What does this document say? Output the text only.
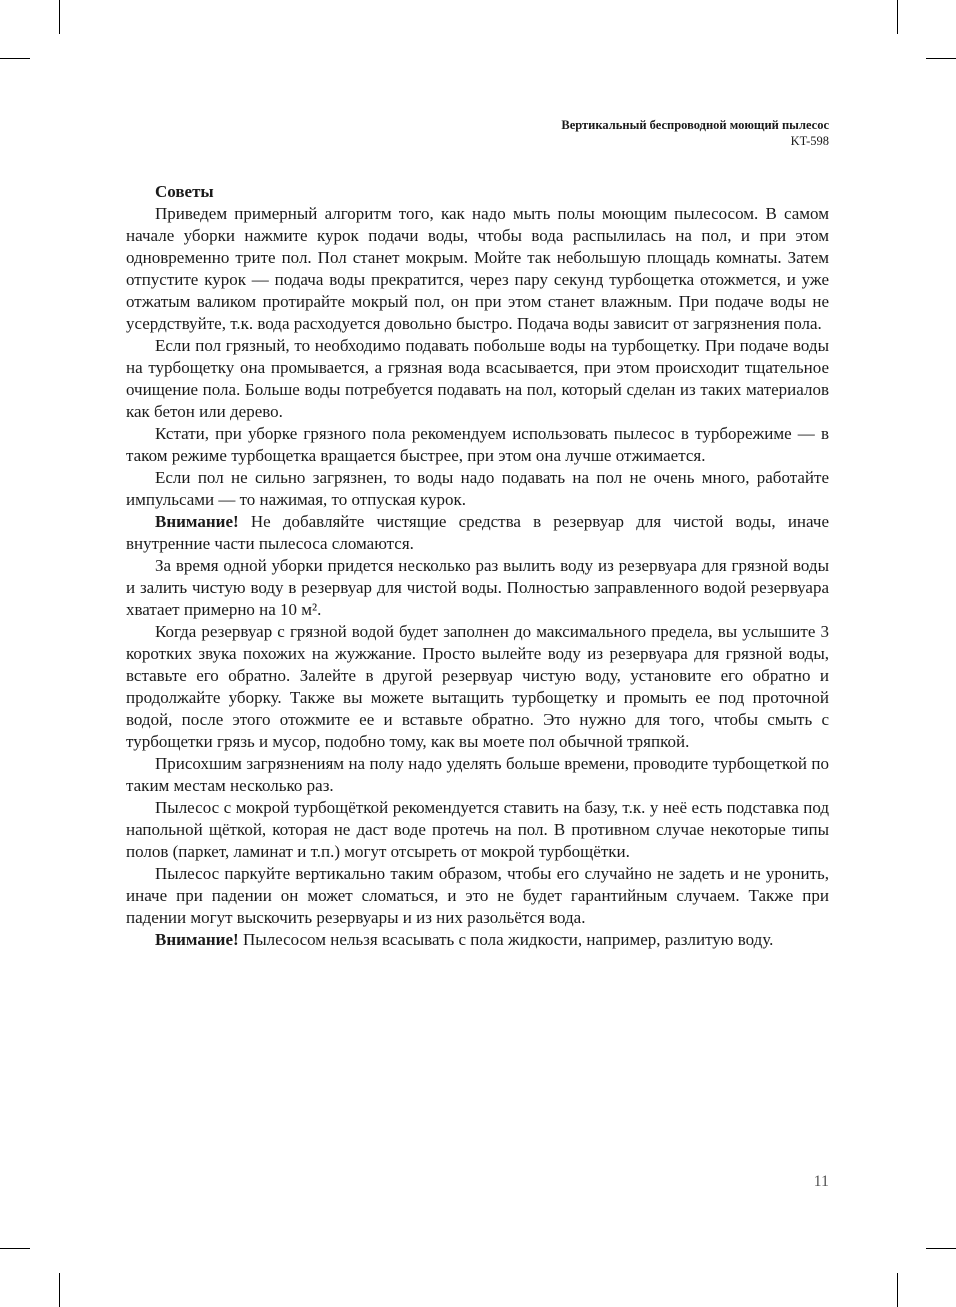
Вертикальный беспроводной моющий пылесос
KT-598
Советы

Приведем примерный алгоритм того, как надо мыть полы моющим пылесосом. В самом начале уборки нажмите курок подачи воды, чтобы вода распылилась на пол, и при этом одновременно трите пол. Пол станет мокрым. Мойте так небольшую площадь комнаты. Затем отпустите курок — подача воды прекратится, через пару секунд турбощетка отожмется, и уже отжатым валиком протирайте мокрый пол, он при этом станет влажным. При подаче воды не усердствуйте, т.к. вода расходуется довольно быстро. Подача воды зависит от загрязнения пола.

Если пол грязный, то необходимо подавать побольше воды на турбощетку. При подаче воды на турбощетку она промывается, а грязная вода всасывается, при этом происходит тщательное очищение пола. Больше воды потребуется подавать на пол, который сделан из таких материалов как бетон или дерево.

Кстати, при уборке грязного пола рекомендуем использовать пылесос в турборежиме — в таком режиме турбощетка вращается быстрее, при этом она лучше отжимается.

Если пол не сильно загрязнен, то воды надо подавать на пол не очень много, работайте импульсами — то нажимая, то отпуская курок.

Внимание! Не добавляйте чистящие средства в резервуар для чистой воды, иначе внутренние части пылесоса сломаются.

За время одной уборки придется несколько раз вылить воду из резервуара для грязной воды и залить чистую воду в резервуар для чистой воды. Полностью заправленного водой резервуара хватает примерно на 10 м².

Когда резервуар с грязной водой будет заполнен до максимального предела, вы услышите 3 коротких звука похожих на жужжание. Просто вылейте воду из резервуара для грязной воды, вставьте его обратно. Залейте в другой резервуар чистую воду, установите его обратно и продолжайте уборку. Также вы можете вытащить турбощетку и промыть ее под проточной водой, после этого отожмите ее и вставьте обратно. Это нужно для того, чтобы смыть с турбощетки грязь и мусор, подобно тому, как вы моете пол обычной тряпкой.

Присохшим загрязнениям на полу надо уделять больше времени, проводите турбощеткой по таким местам несколько раз.

Пылесос с мокрой турбощёткой рекомендуется ставить на базу, т.к. у неё есть подставка под напольной щёткой, которая не даст воде протечь на пол. В противном случае некоторые типы полов (паркет, ламинат и т.п.) могут отсыреть от мокрой турбощётки.

Пылесос паркуйте вертикально таким образом, чтобы его случайно не задеть и не уронить, иначе при падении он может сломаться, и это не будет гарантийным случаем. Также при падении могут выскочить резервуары и из них разольётся вода.

Внимание! Пылесосом нельзя всасывать с пола жидкости, например, разлитую воду.

11
